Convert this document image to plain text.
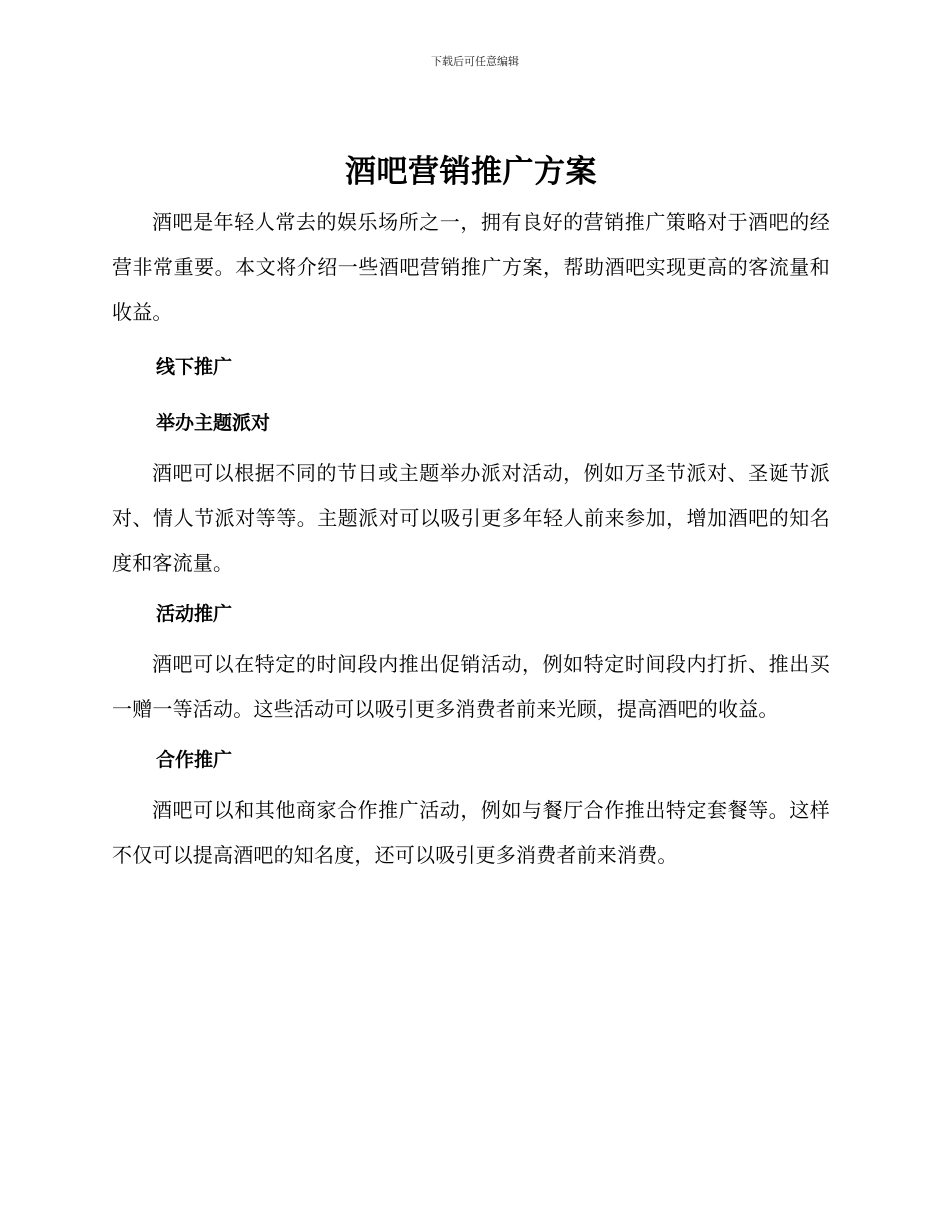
下载后可任意编辑
酒吧营销推广方案

酒吧是年轻人常去的娱乐场所之一，拥有良好的营销推广策略对于酒吧的经营非常重要。本文将介绍一些酒吧营销推广方案，帮助酒吧实现更高的客流量和收益。

线下推广
举办主题派对

酒吧可以根据不同的节日或主题举办派对活动，例如万圣节派对、圣诞节派对、情人节派对等等。主题派对可以吸引更多年轻人前来参加，增加酒吧的知名度和客流量。

活动推广

酒吧可以在特定的时间段内推出促销活动，例如特定时间段内打折、推出买一赠一等活动。这些活动可以吸引更多消费者前来光顾，提高酒吧的收益。

合作推广

酒吧可以和其他商家合作推广活动，例如与餐厅合作推出特定套餐等。这样不仅可以提高酒吧的知名度，还可以吸引更多消费者前来消费。
